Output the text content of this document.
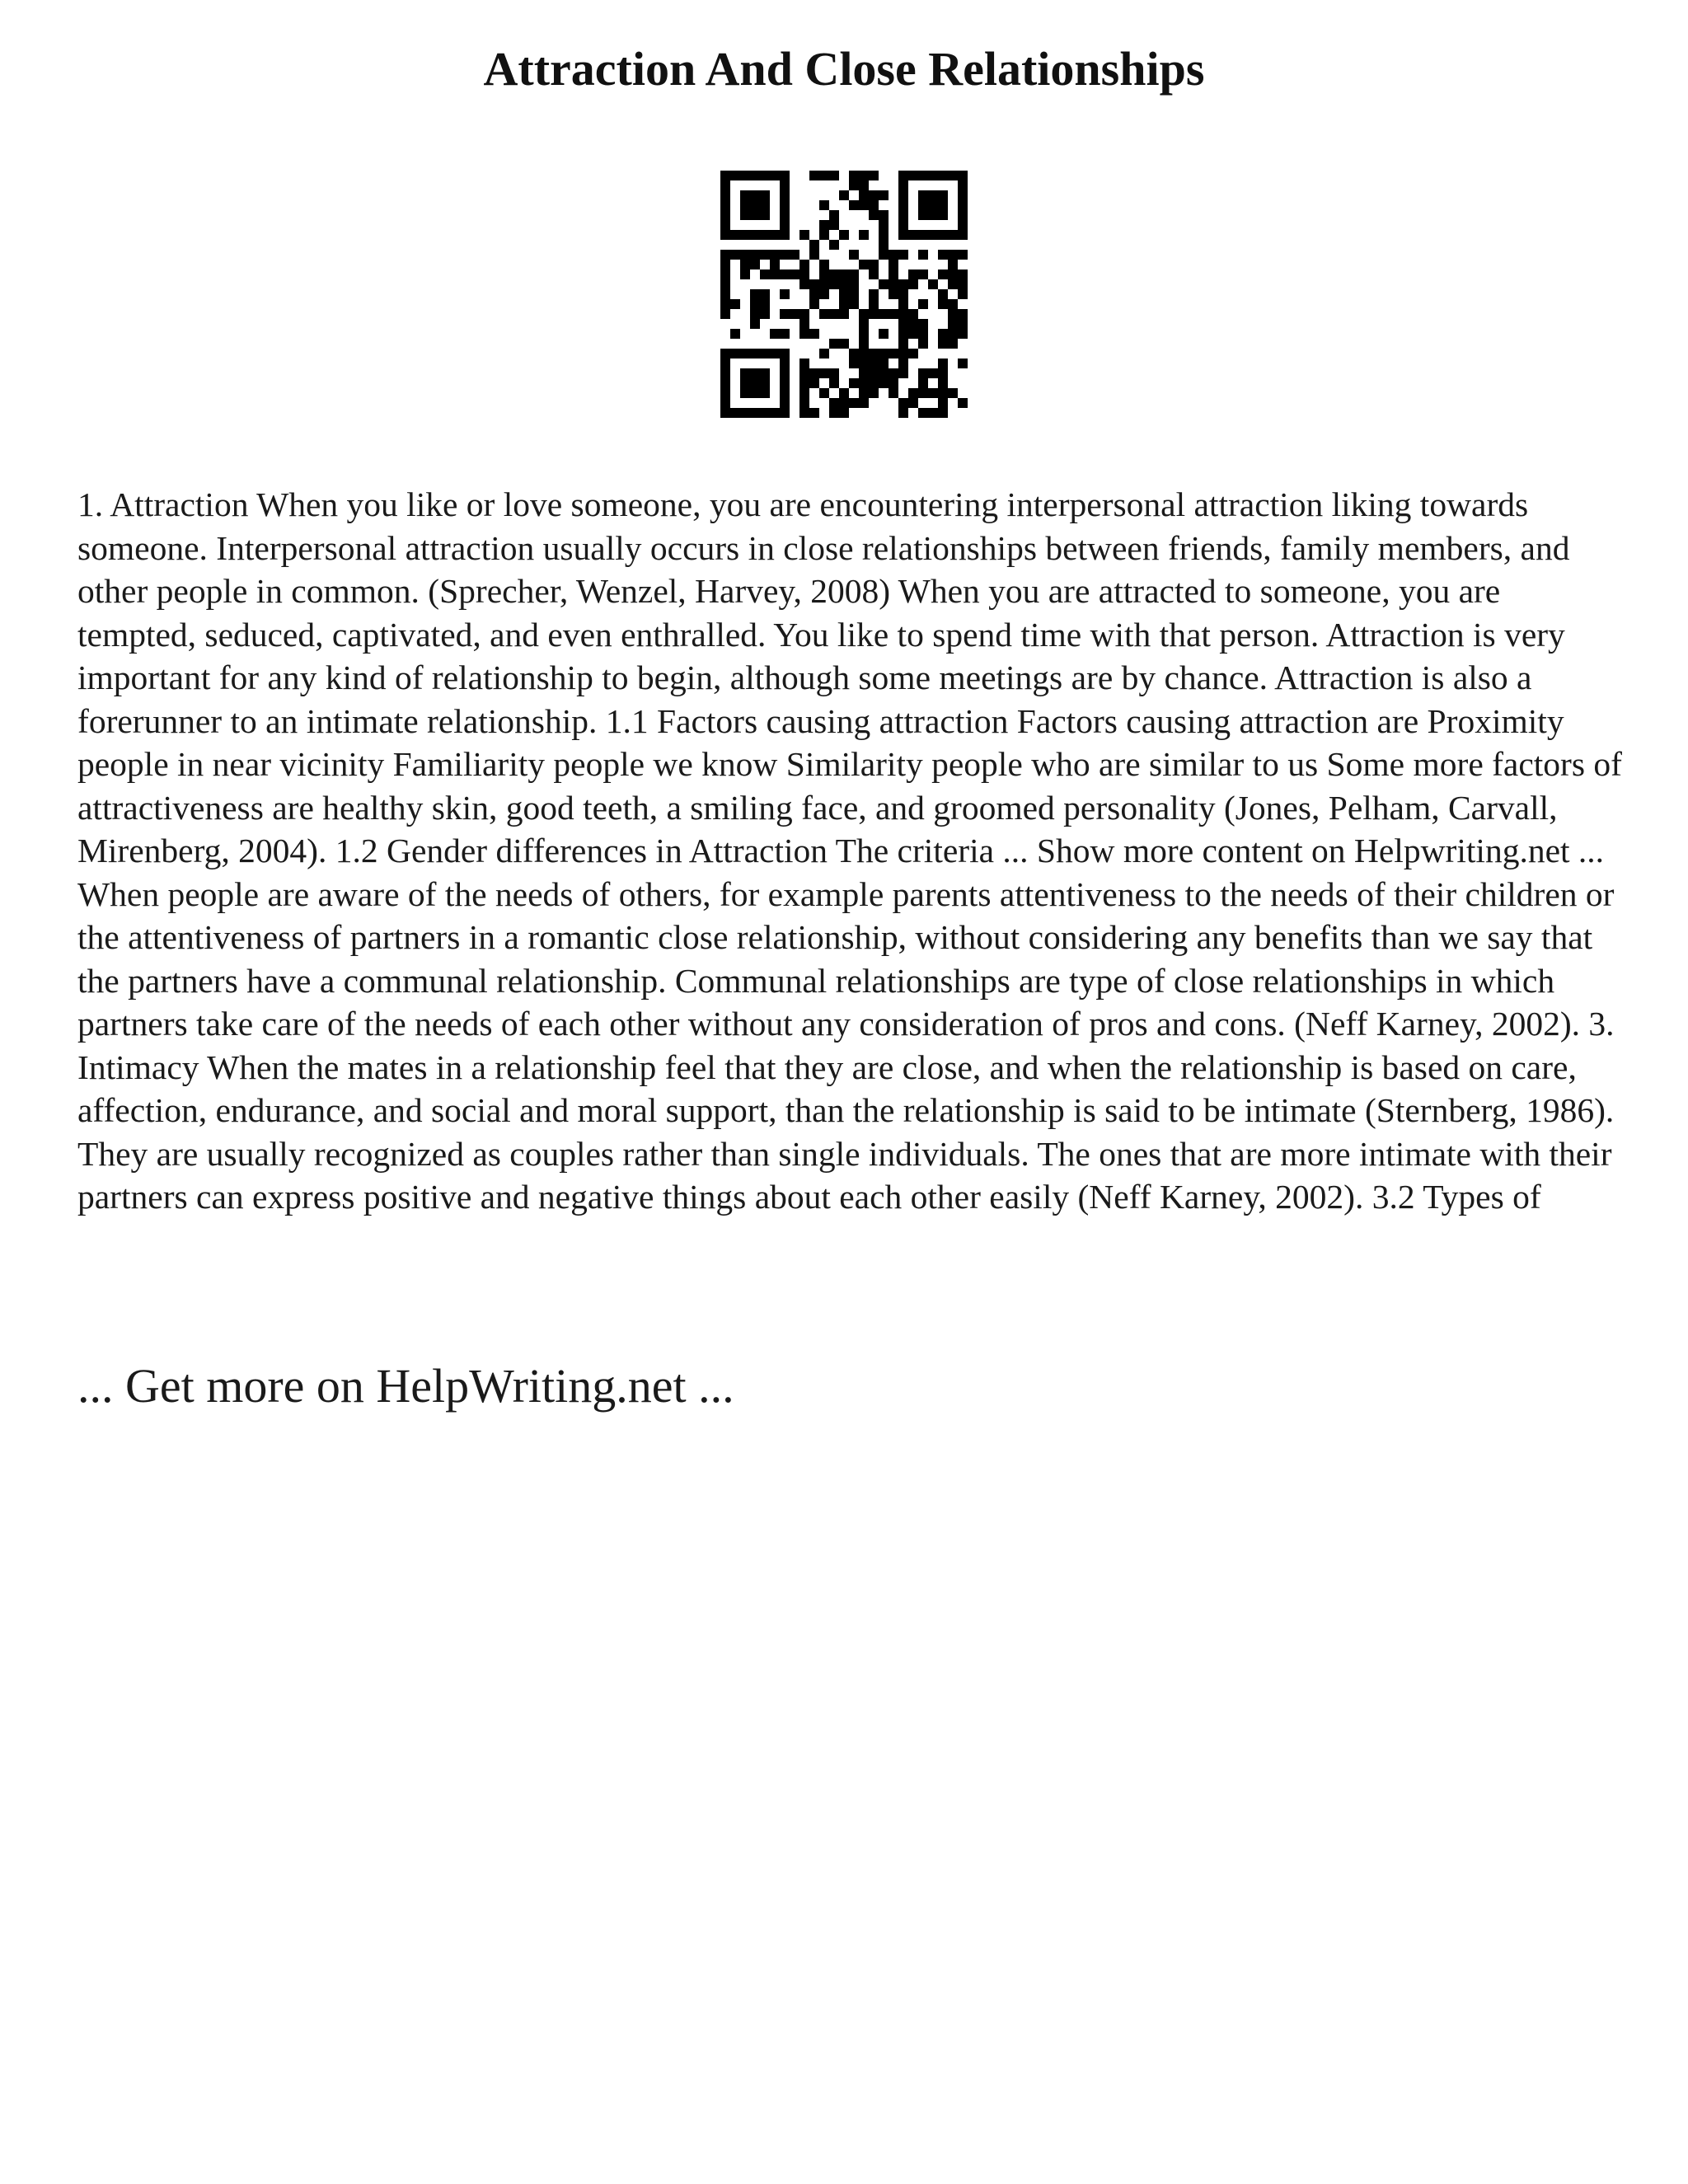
Attraction And Close Relationships

1. Attraction When you like or love someone, you are encountering interpersonal attraction liking towards someone. Interpersonal attraction usually occurs in close relationships between friends, family members, and other people in common. (Sprecher, Wenzel, Harvey, 2008) When you are attracted to someone, you are tempted, seduced, captivated, and even enthralled. You like to spend time with that person. Attraction is very important for any kind of relationship to begin, although some meetings are by chance. Attraction is also a forerunner to an intimate relationship. 1.1 Factors causing attraction Factors causing attraction are Proximity people in near vicinity Familiarity people we know Similarity people who are similar to us Some more factors of attractiveness are healthy skin, good teeth, a smiling face, and groomed personality (Jones, Pelham, Carvall, Mirenberg, 2004). 1.2 Gender differences in Attraction The criteria ... Show more content on Helpwriting.net ...

When people are aware of the needs of others, for example parents attentiveness to the needs of their children or the attentiveness of partners in a romantic close relationship, without considering any benefits than we say that the partners have a communal relationship. Communal relationships are type of close relationships in which partners take care of the needs of each other without any consideration of pros and cons. (Neff Karney, 2002). 3. Intimacy When the mates in a relationship feel that they are close, and when the relationship is based on care, affection, endurance, and social and moral support, than the relationship is said to be intimate (Sternberg, 1986). They are usually recognized as couples rather than single individuals. The ones that are more intimate with their partners can express positive and negative things about each other easily (Neff Karney, 2002). 3.2 Types of

... Get more on HelpWriting.net ...
